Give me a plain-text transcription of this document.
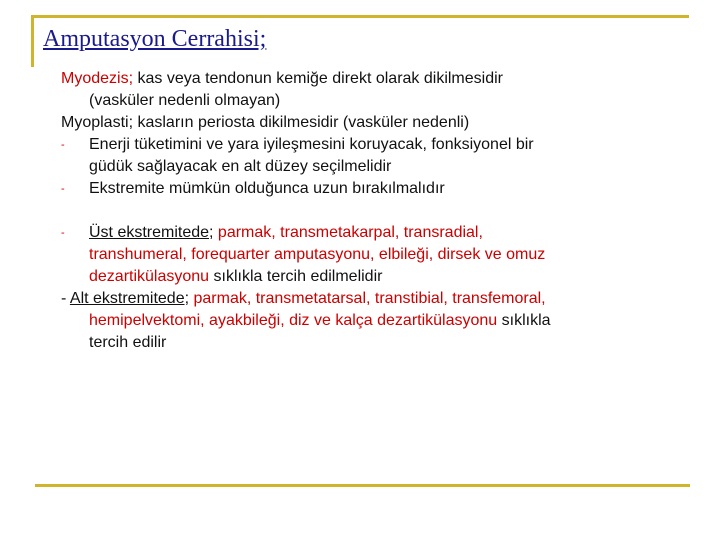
Amputasyon Cerrahisi;
Myodezis; kas veya tendonun kemiğe direkt olarak dikilmesidir
(vasküler nedenli olmayan)
Myoplasti; kasların periosta dikilmesidir (vasküler nedenli)
- Enerji tüketimini ve yara iyileşmesini koruyacak, fonksiyonel bir
güdük sağlayacak en alt düzey seçilmelidir
- Ekstremite mümkün olduğunca uzun bırakılmalıdır
- Üst ekstremitede; parmak, transmetakarpal, transradial,
transhumeral, forequarter amputasyonu, elbileği, dirsek ve omuz
dezartikülasyonu sıklıkla tercih edilmelidir
- Alt ekstremitede; parmak, transmetatarsal, transtibial, transfemoral,
hemipelvektomi, ayakbileği, diz ve kalça dezartikülasyonu sıklıkla
tercih edilir
